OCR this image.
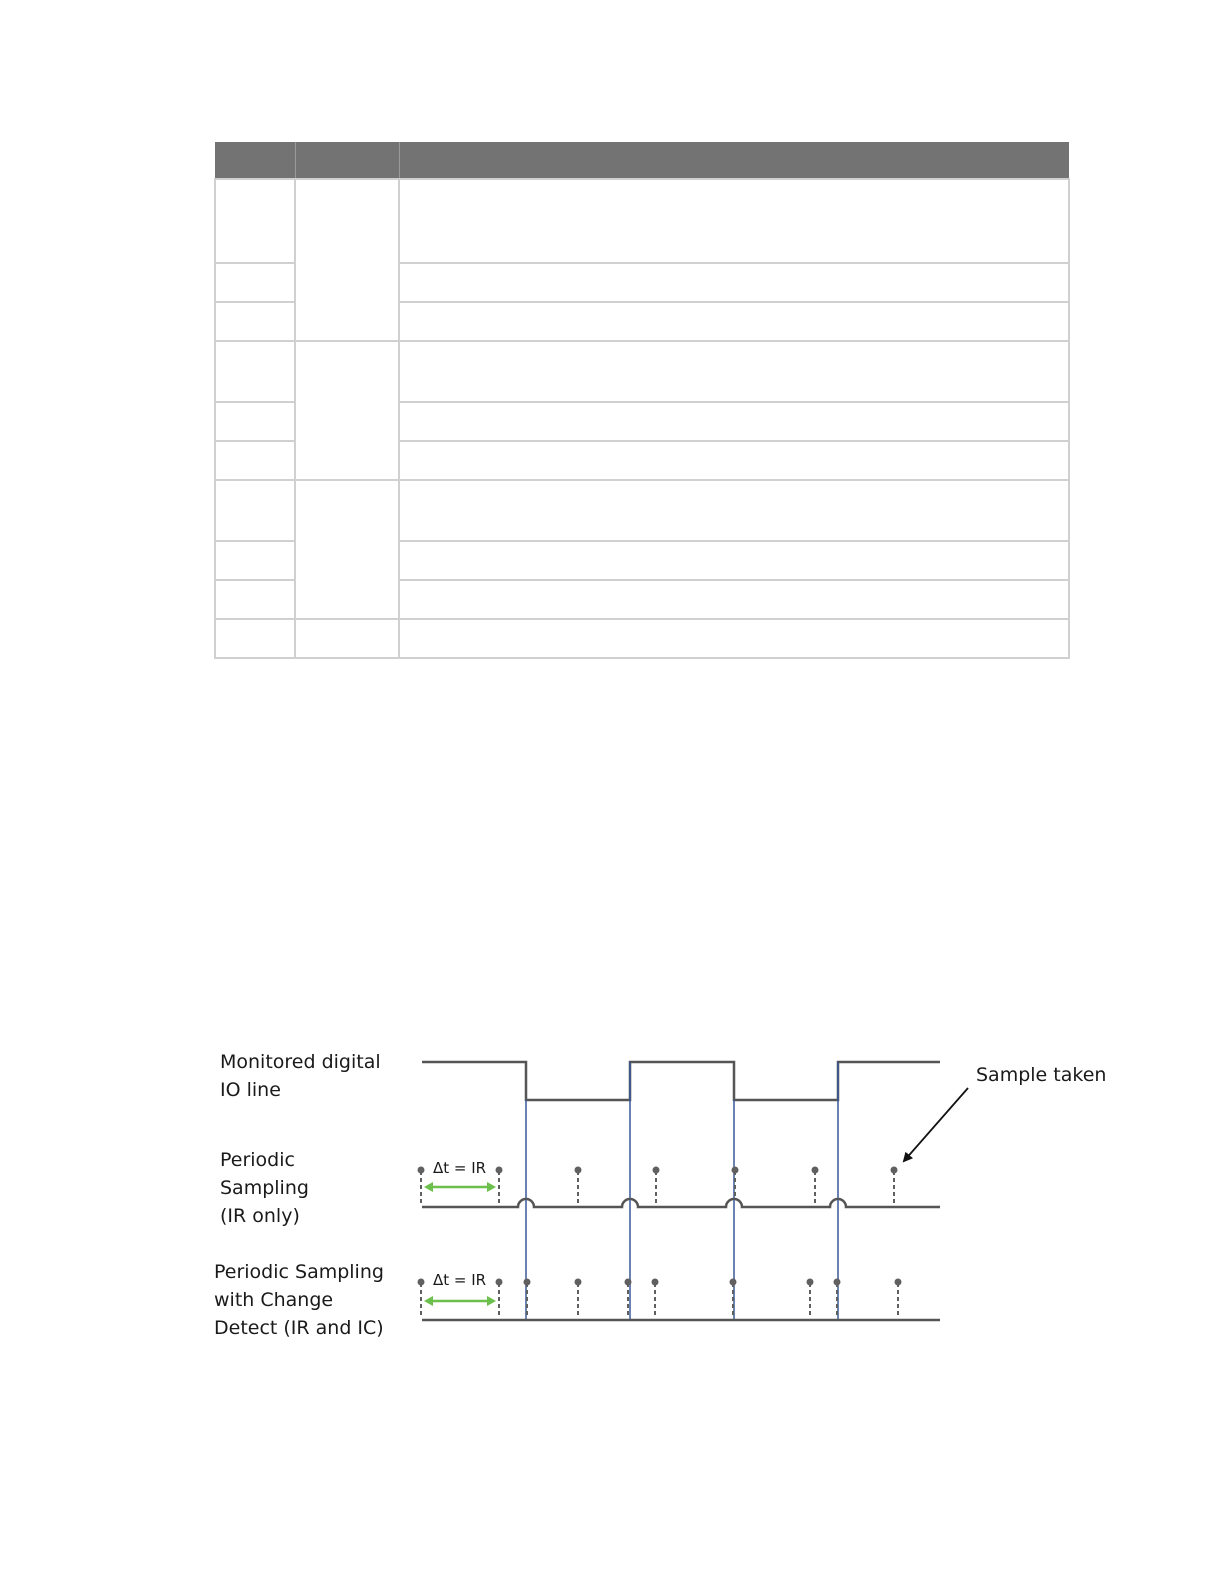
Monitored digital IO line
Periodic Sampling (IR only)
Periodic Sampling with Change Detect (IR and IC)
Sample taken
Δt = IR
Δt = IR
